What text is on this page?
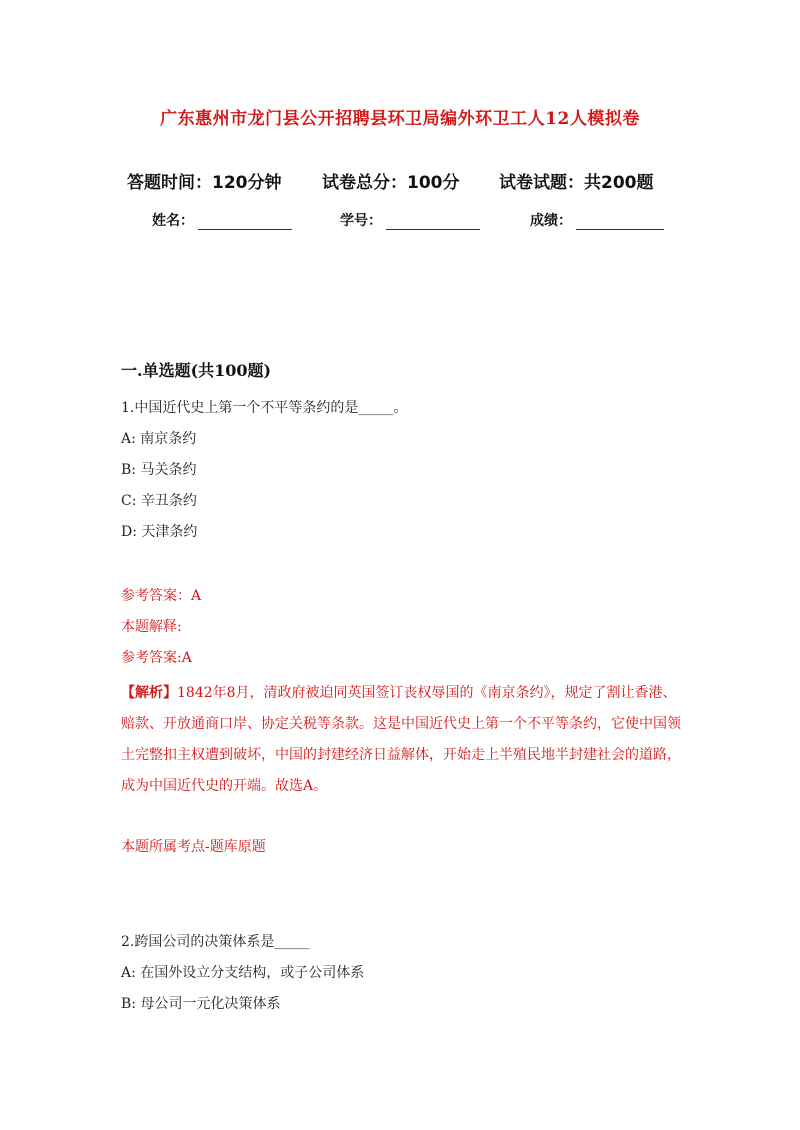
广东惠州市龙门县公开招聘县环卫局编外环卫工人12人模拟卷
答题时间：120分钟 试卷总分：100分 试卷试题：共200题
姓名：	学号：	成绩：
一.单选题(共100题)
1.中国近代史上第一个不平等条约的是_____。
A: 南京条约
B: 马关条约
C: 辛丑条约
D: 天津条约
参考答案：A
本题解释:
参考答案:A
【解析】1842年8月，清政府被迫同英国签订丧权辱国的《南京条约》，规定了割让香港、赔款、开放通商口岸、协定关税等条款。这是中国近代史上第一个不平等条约，它使中国领土完整扣主权遭到破坏，中国的封建经济日益解体，开始走上半殖民地半封建社会的道路，成为中国近代史的开端。故选A。
本题所属考点-题库原题
2.跨国公司的决策体系是_____
A: 在国外设立分支结构，或子公司体系
B: 母公司一元化决策体系
